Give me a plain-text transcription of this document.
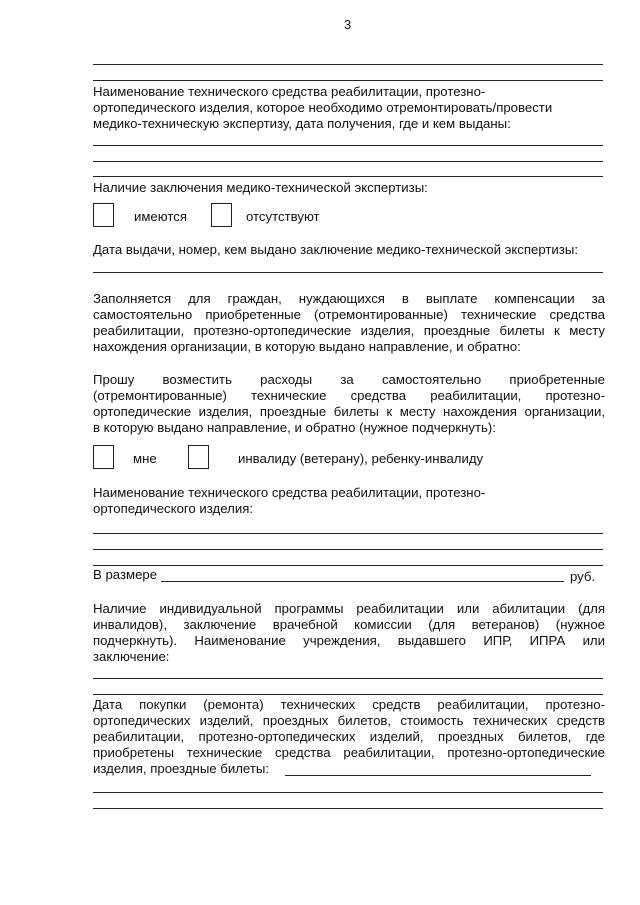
3
Наименование технического средства реабилитации, протезно-
ортопедического изделия, которое необходимо отремонтировать/провести
медико-техническую экспертизу, дата получения, где и кем выданы:
Наличие заключения медико-технической экспертизы:
имеются	отсутствуют
Дата выдачи, номер, кем выдано заключение медико-технической экспертизы:
Заполняется для граждан, нуждающихся в выплате компенсации за
самостоятельно приобретенные (отремонтированные) технические средства
реабилитации, протезно-ортопедические изделия, проездные билеты к месту
нахождения организации, в которую выдано направление, и обратно:
Прошу возместить расходы за самостоятельно приобретенные
(отремонтированные) технические средства реабилитации, протезно-
ортопедические изделия, проездные билеты к месту нахождения организации,
в которую выдано направление, и обратно (нужное подчеркнуть):
мне	инвалиду (ветерану), ребенку-инвалиду
Наименование технического средства реабилитации, протезно-
ортопедического изделия:
В размере	руб.
Наличие индивидуальной программы реабилитации или абилитации (для
инвалидов), заключение врачебной комиссии (для ветеранов) (нужное
подчеркнуть). Наименование учреждения, выдавшего ИПР, ИПРА или
заключение:
Дата покупки (ремонта) технических средств реабилитации, протезно-
ортопедических изделий, проездных билетов, стоимость технических средств
реабилитации, протезно-ортопедических изделий, проездных билетов, где
приобретены технические средства реабилитации, протезно-ортопедические
изделия, проездные билеты:
